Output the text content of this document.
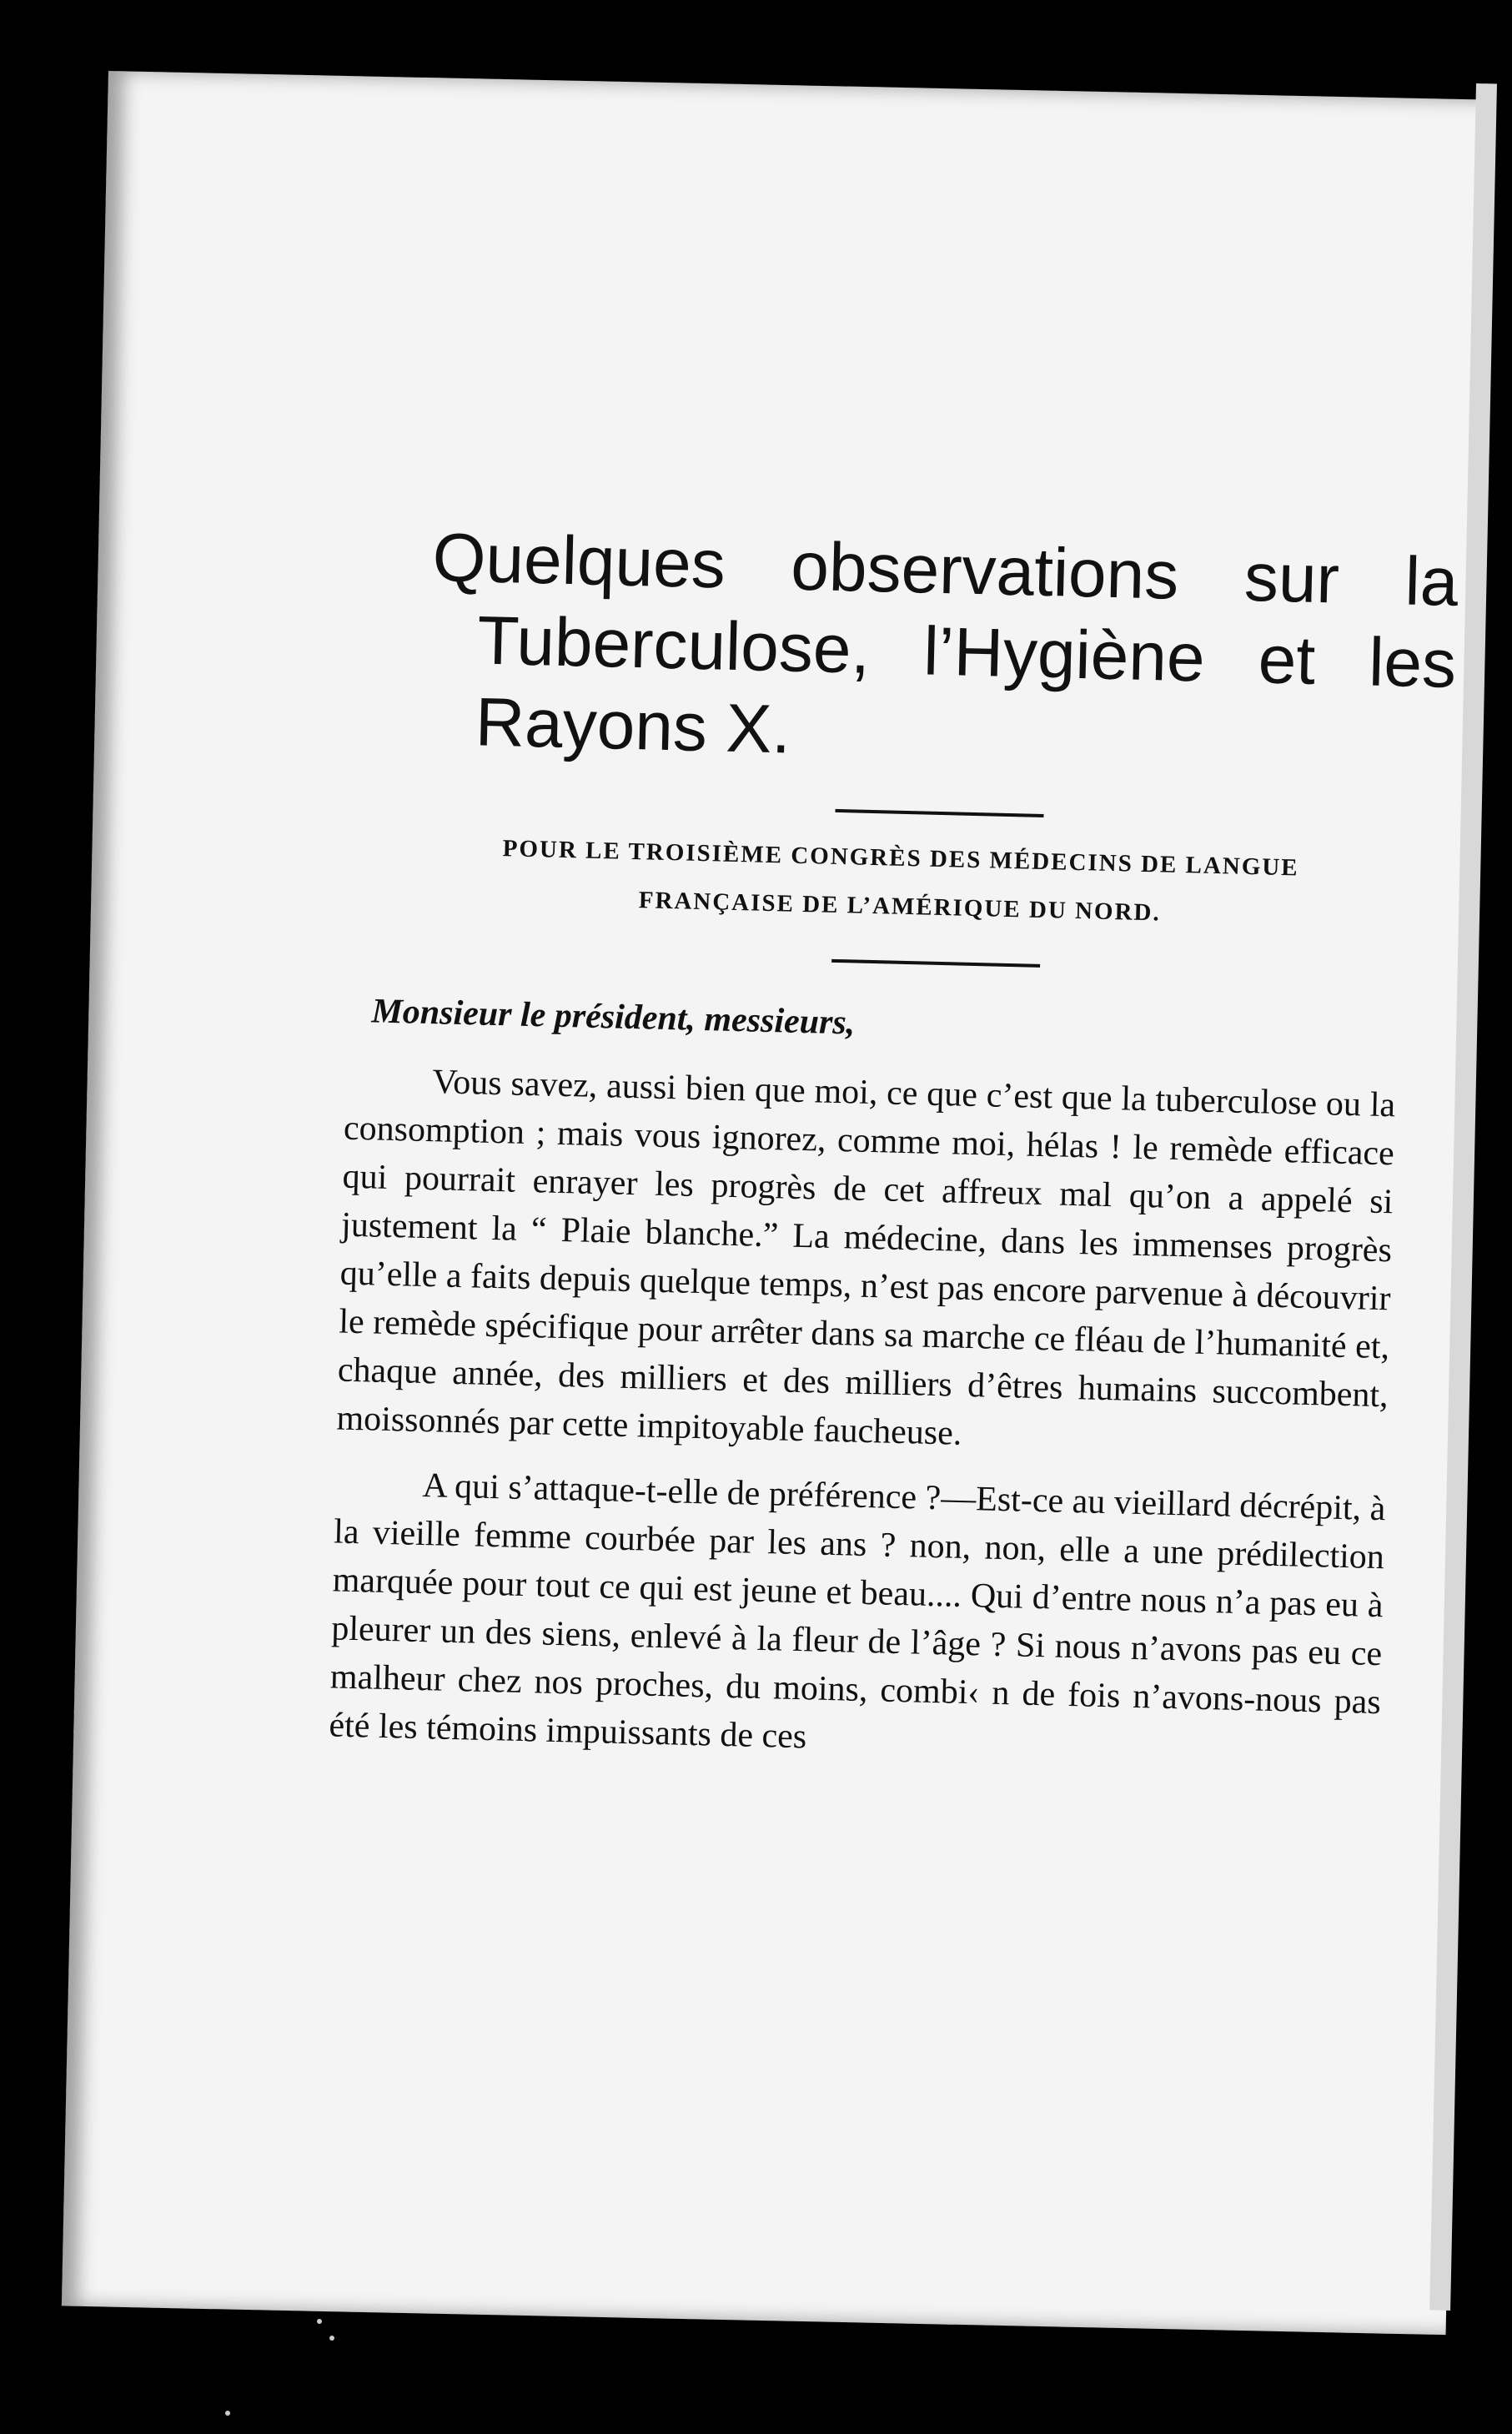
Quelques observations sur la Tuberculose, l’Hygiène et les Rayons X.
POUR LE TROISIÈME CONGRÈS DES MÉDECINS DE LANGUE
FRANÇAISE DE L’AMÉRIQUE DU NORD.
Monsieur le président, messieurs,

Vous savez, aussi bien que moi, ce que c’est que la tuberculose ou la consomption ; mais vous ignorez, comme moi, hélas ! le remède efficace qui pourrait enrayer les progrès de cet affreux mal qu’on a appelé si justement la “ Plaie blanche.” La médecine, dans les immenses progrès qu’elle a faits depuis quelque temps, n’est pas encore parvenue à découvrir le remède spécifique pour arrêter dans sa marche ce fléau de l’humanité et, chaque année, des milliers et des milliers d’êtres humains succombent, moissonnés par cette impitoyable faucheuse.

A qui s’attaque-t-elle de préférence ?—Est-ce au vieillard décrépit, à la vieille femme courbée par les ans ? non, non, elle a une prédilection marquée pour tout ce qui est jeune et beau.... Qui d’entre nous n’a pas eu à pleurer un des siens, enlevé à la fleur de l’âge ? Si nous n’avons pas eu ce malheur chez nos proches, du moins, combi‹ n de fois n’avons-nous pas été les témoins impuissants de ces
